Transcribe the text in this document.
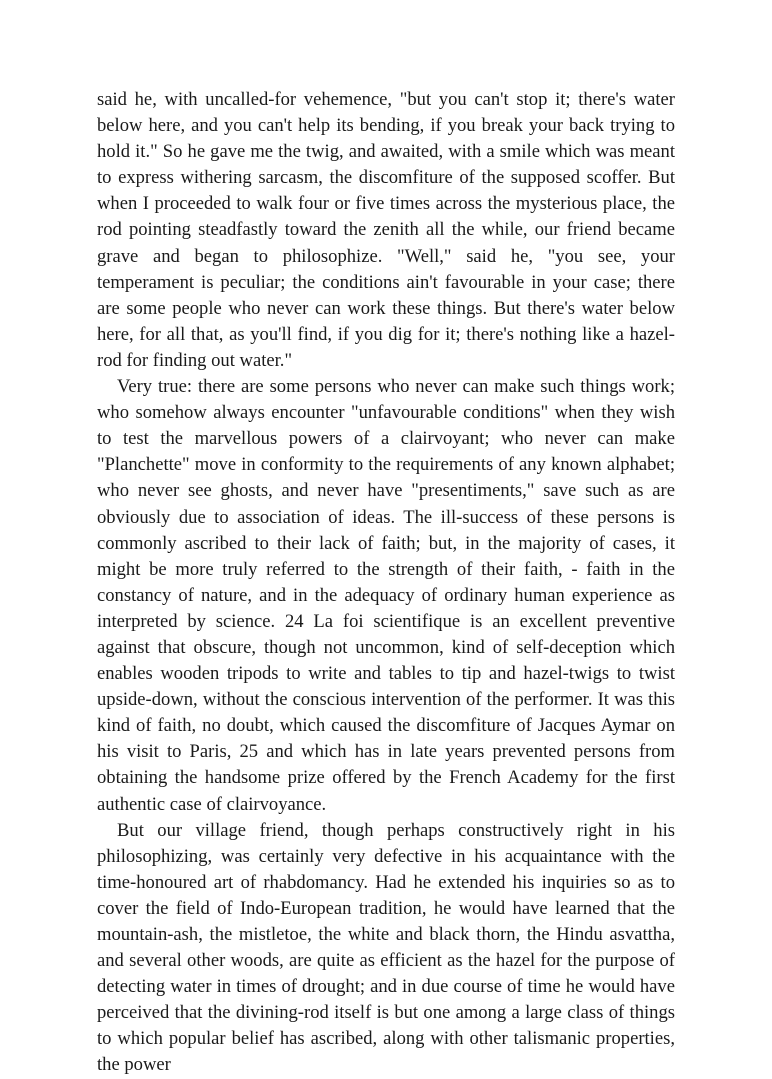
said he, with uncalled-for vehemence, "but you can't stop it; there's water below here, and you can't help its bending, if you break your back trying to hold it." So he gave me the twig, and awaited, with a smile which was meant to express withering sarcasm, the discomfiture of the supposed scoffer. But when I proceeded to walk four or five times across the mysterious place, the rod pointing steadfastly toward the zenith all the while, our friend became grave and began to philosophize. "Well," said he, "you see, your temperament is peculiar; the conditions ain't favourable in your case; there are some people who never can work these things. But there's water below here, for all that, as you'll find, if you dig for it; there's nothing like a hazel-rod for finding out water."

Very true: there are some persons who never can make such things work; who somehow always encounter "unfavourable conditions" when they wish to test the marvellous powers of a clairvoyant; who never can make "Planchette" move in conformity to the requirements of any known alphabet; who never see ghosts, and never have "presentiments," save such as are obviously due to association of ideas. The ill-success of these persons is commonly ascribed to their lack of faith; but, in the majority of cases, it might be more truly referred to the strength of their faith, - faith in the constancy of nature, and in the adequacy of ordinary human experience as interpreted by science. 24 La foi scientifique is an excellent preventive against that obscure, though not uncommon, kind of self-deception which enables wooden tripods to write and tables to tip and hazel-twigs to twist upside-down, without the conscious intervention of the performer. It was this kind of faith, no doubt, which caused the discomfiture of Jacques Aymar on his visit to Paris, 25 and which has in late years prevented persons from obtaining the handsome prize offered by the French Academy for the first authentic case of clairvoyance.

But our village friend, though perhaps constructively right in his philosophizing, was certainly very defective in his acquaintance with the time-honoured art of rhabdomancy. Had he extended his inquiries so as to cover the field of Indo-European tradition, he would have learned that the mountain-ash, the mistletoe, the white and black thorn, the Hindu asvattha, and several other woods, are quite as efficient as the hazel for the purpose of detecting water in times of drought; and in due course of time he would have perceived that the divining-rod itself is but one among a large class of things to which popular belief has ascribed, along with other talismanic properties, the power
